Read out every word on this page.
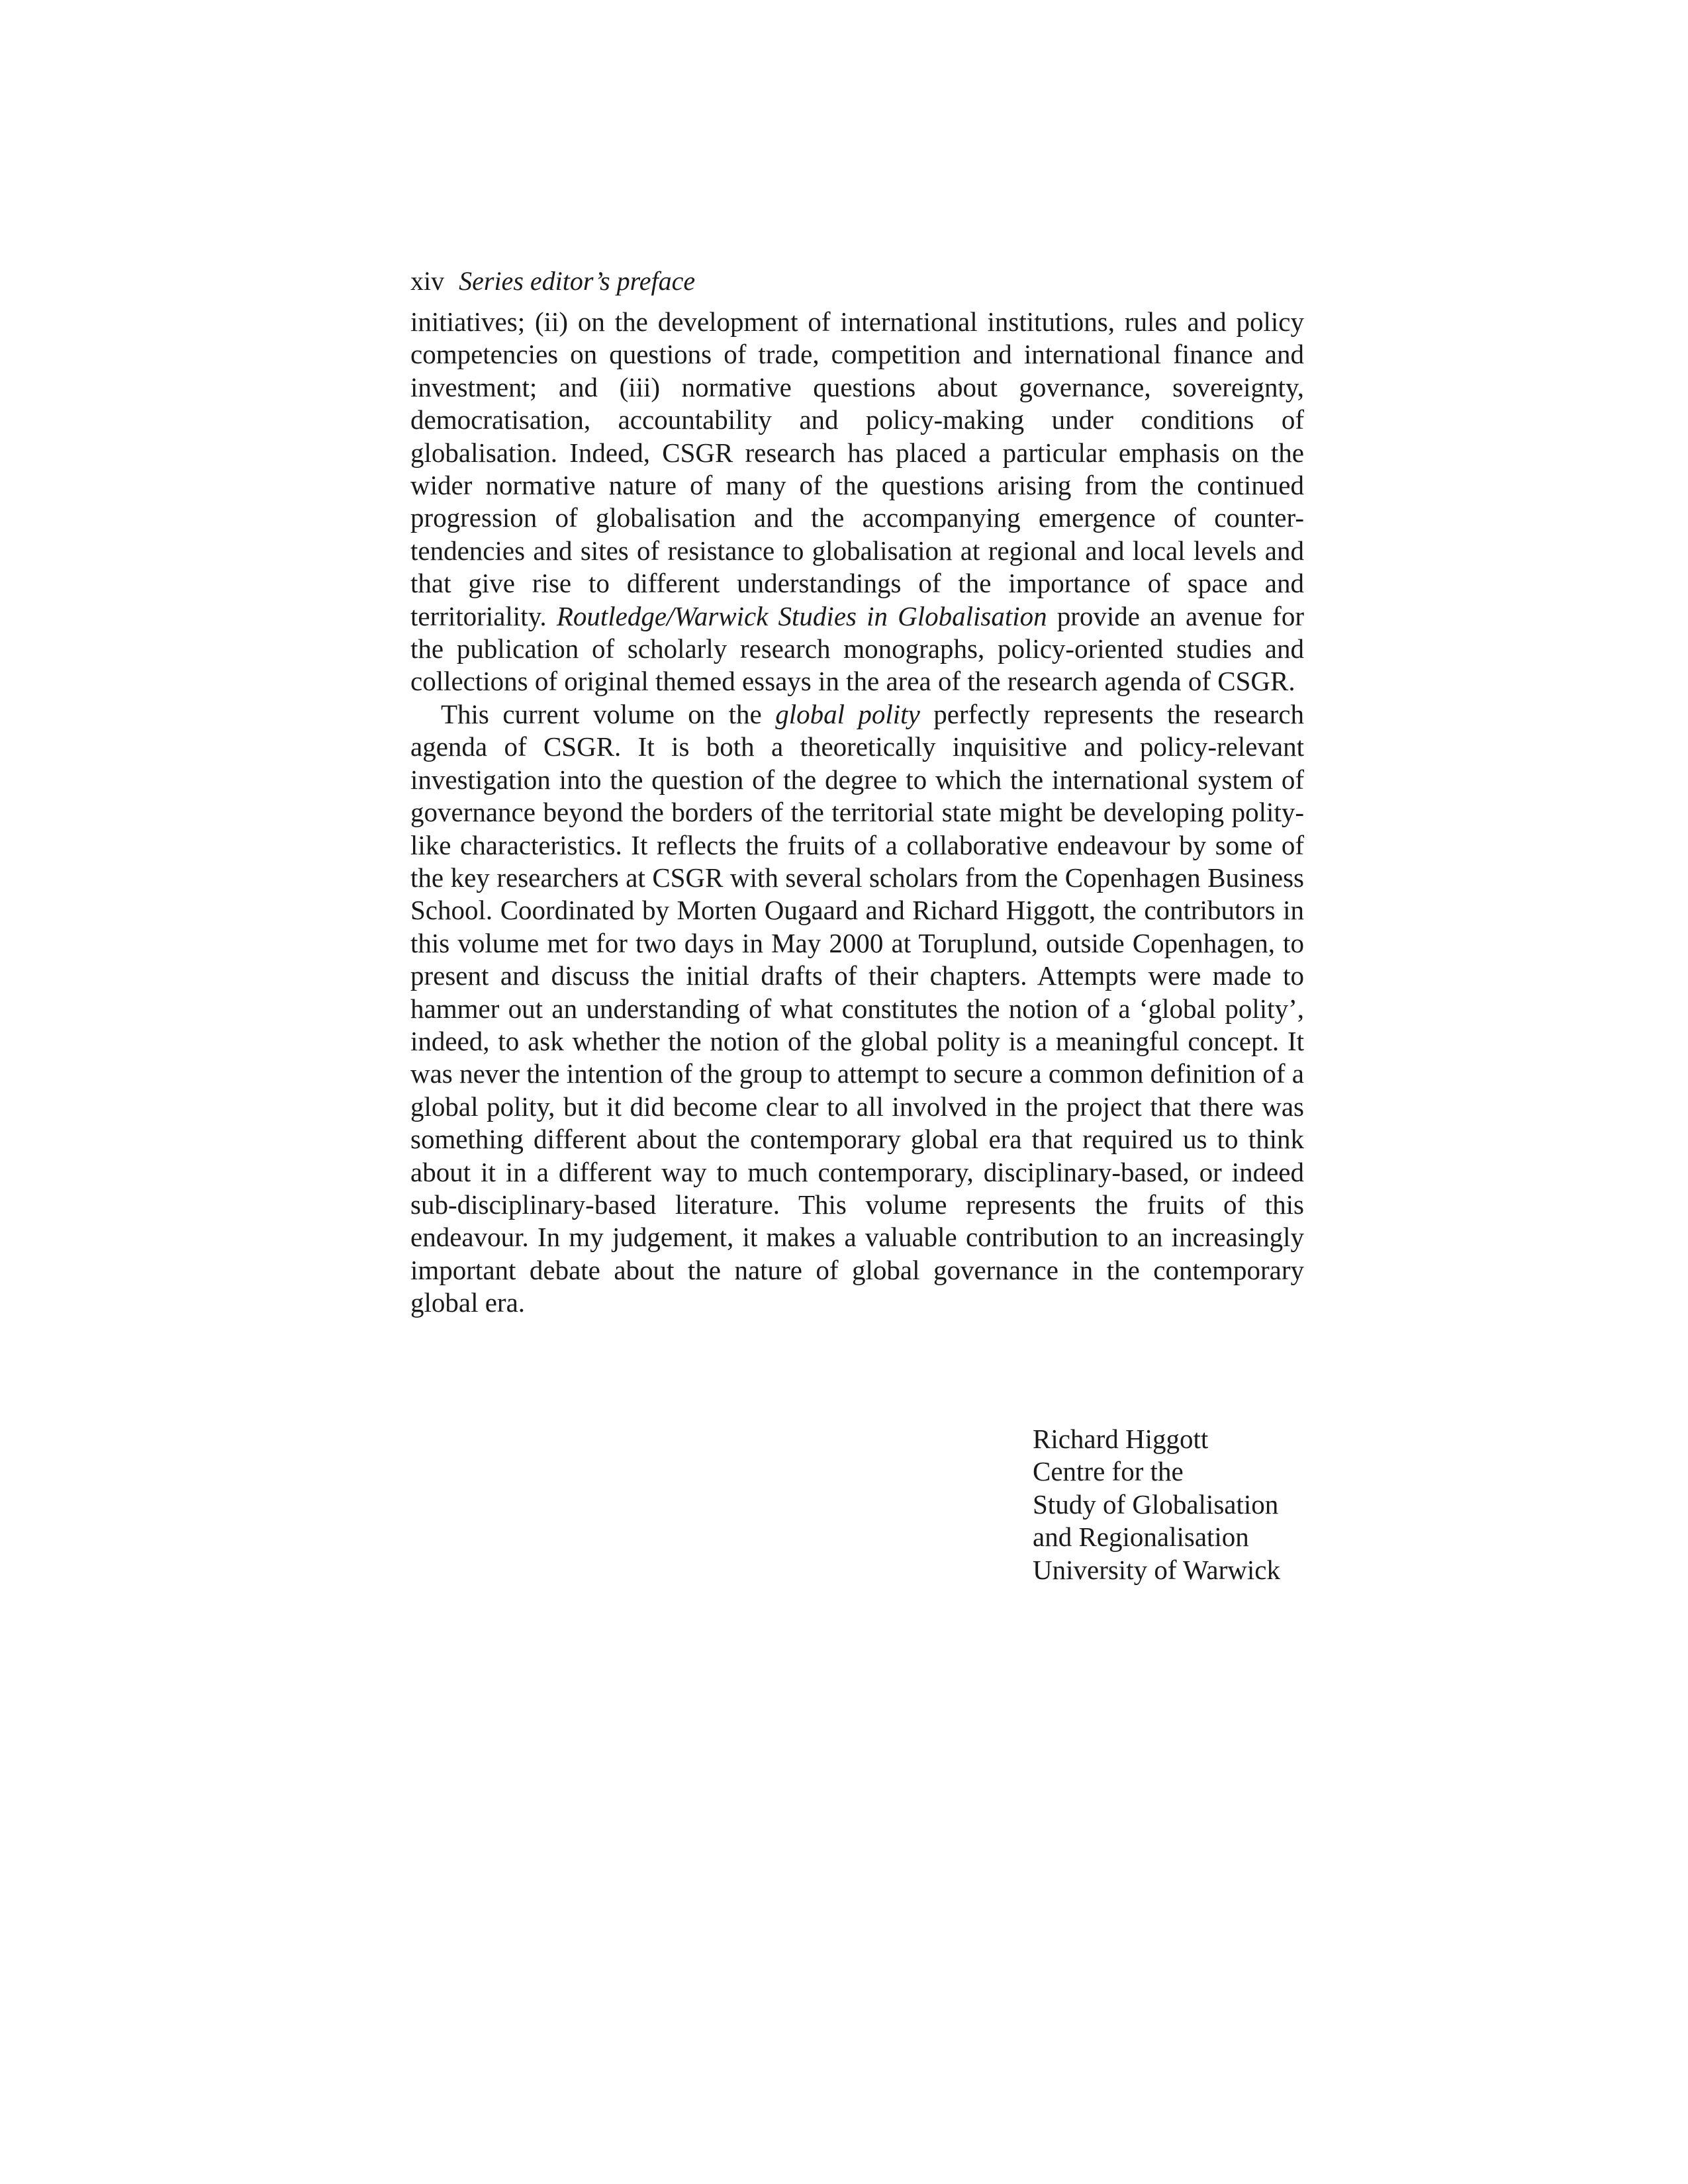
xiv Series editor’s preface

initiatives; (ii) on the development of international institutions, rules and policy competencies on questions of trade, competition and international finance and investment; and (iii) normative questions about governance, sovereignty, democratisation, accountability and policy-making under conditions of globalisation. Indeed, CSGR research has placed a particular emphasis on the wider normative nature of many of the questions arising from the continued progression of globalisation and the accompanying emergence of counter-tendencies and sites of resistance to globalisation at regional and local levels and that give rise to different understandings of the importance of space and territoriality. Routledge/Warwick Studies in Globalisation provide an avenue for the publication of scholarly research monographs, policy-oriented studies and collections of original themed essays in the area of the research agenda of CSGR.

This current volume on the global polity perfectly represents the research agenda of CSGR. It is both a theoretically inquisitive and policy-relevant investigation into the question of the degree to which the international system of governance beyond the borders of the territorial state might be developing polity-like characteristics. It reflects the fruits of a collaborative endeavour by some of the key researchers at CSGR with several scholars from the Copenhagen Business School. Coordinated by Morten Ougaard and Richard Higgott, the contributors in this volume met for two days in May 2000 at Toruplund, outside Copenhagen, to present and discuss the initial drafts of their chapters. Attempts were made to hammer out an understanding of what constitutes the notion of a ‘global polity’, indeed, to ask whether the notion of the global polity is a meaningful concept. It was never the intention of the group to attempt to secure a common definition of a global polity, but it did become clear to all involved in the project that there was something different about the contemporary global era that required us to think about it in a different way to much contemporary, disciplinary-based, or indeed sub-disciplinary-based literature. This volume represents the fruits of this endeavour. In my judgement, it makes a valuable contribution to an increasingly important debate about the nature of global governance in the contemporary global era.

Richard Higgott
Centre for the
Study of Globalisation
and Regionalisation
University of Warwick
